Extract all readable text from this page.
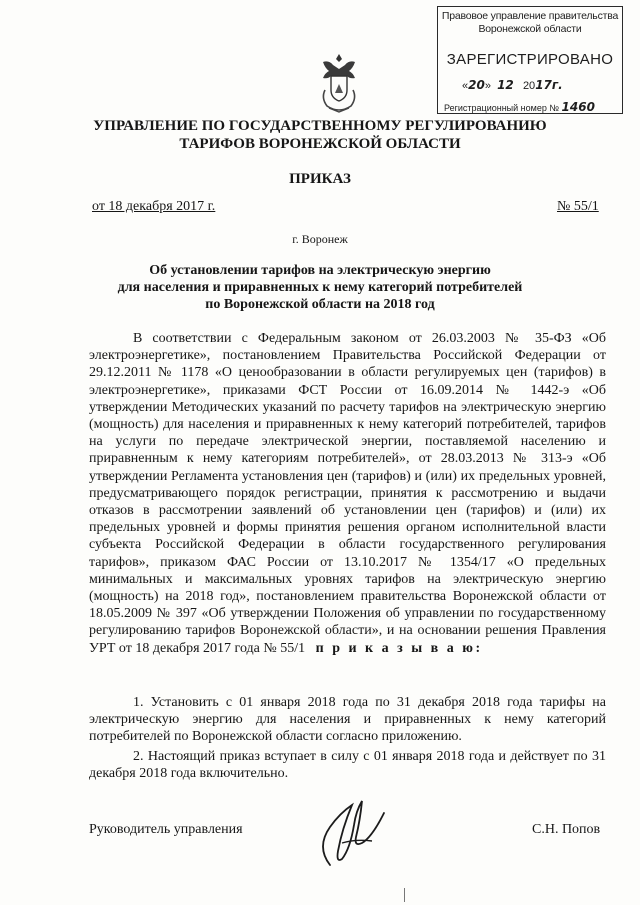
Правовое управление правительства
Воронежской области
ЗАРЕГИСТРИРОВАНО
«20»  12 2017г.
Регистрационный номер № 1460
УПРАВЛЕНИЕ ПО ГОСУДАРСТВЕННОМУ РЕГУЛИРОВАНИЮ
ТАРИФОВ ВОРОНЕЖСКОЙ ОБЛАСТИ
ПРИКАЗ
от 18 декабря 2017 г.	№ 55/1
г. Воронеж
Об установлении тарифов на электрическую энергию
для населения и приравненных к нему категорий потребителей
по Воронежской области на 2018 год

В соответствии с Федеральным законом от 26.03.2003 № 35-ФЗ «Об электроэнергетике», постановлением Правительства Российской Федерации от 29.12.2011 № 1178 «О ценообразовании в области регулируемых цен (тарифов) в электроэнергетике», приказами ФСТ России от 16.09.2014 № 1442-э «Об утверждении Методических указаний по расчету тарифов на электрическую энергию (мощность) для населения и приравненных к нему категорий потребителей, тарифов на услуги по передаче электрической энергии, поставляемой населению и приравненным к нему категориям потребителей», от 28.03.2013 № 313-э «Об утверждении Регламента установления цен (тарифов) и (или) их предельных уровней, предусматривающего порядок регистрации, принятия к рассмотрению и выдачи отказов в рассмотрении заявлений об установлении цен (тарифов) и (или) их предельных уровней и формы принятия решения органом исполнительной власти субъекта Российской Федерации в области государственного регулирования тарифов», приказом ФАС России от 13.10.2017 № 1354/17 «О предельных минимальных и максимальных уровнях тарифов на электрическую энергию (мощность) на 2018 год», постановлением правительства Воронежской области от 18.05.2009 № 397 «Об утверждении Положения об управлении по государственному регулированию тарифов Воронежской области», и на основании решения Правления УРТ от 18 декабря 2017 года № 55/1 п р и к а з ы в а ю:

1. Установить с 01 января 2018 года по 31 декабря 2018 года тарифы на электрическую энергию для населения и приравненных к нему категорий потребителей по Воронежской области согласно приложению.

2. Настоящий приказ вступает в силу с 01 января 2018 года и действует по 31 декабря 2018 года включительно.

Руководитель управления	С.Н. Попов
